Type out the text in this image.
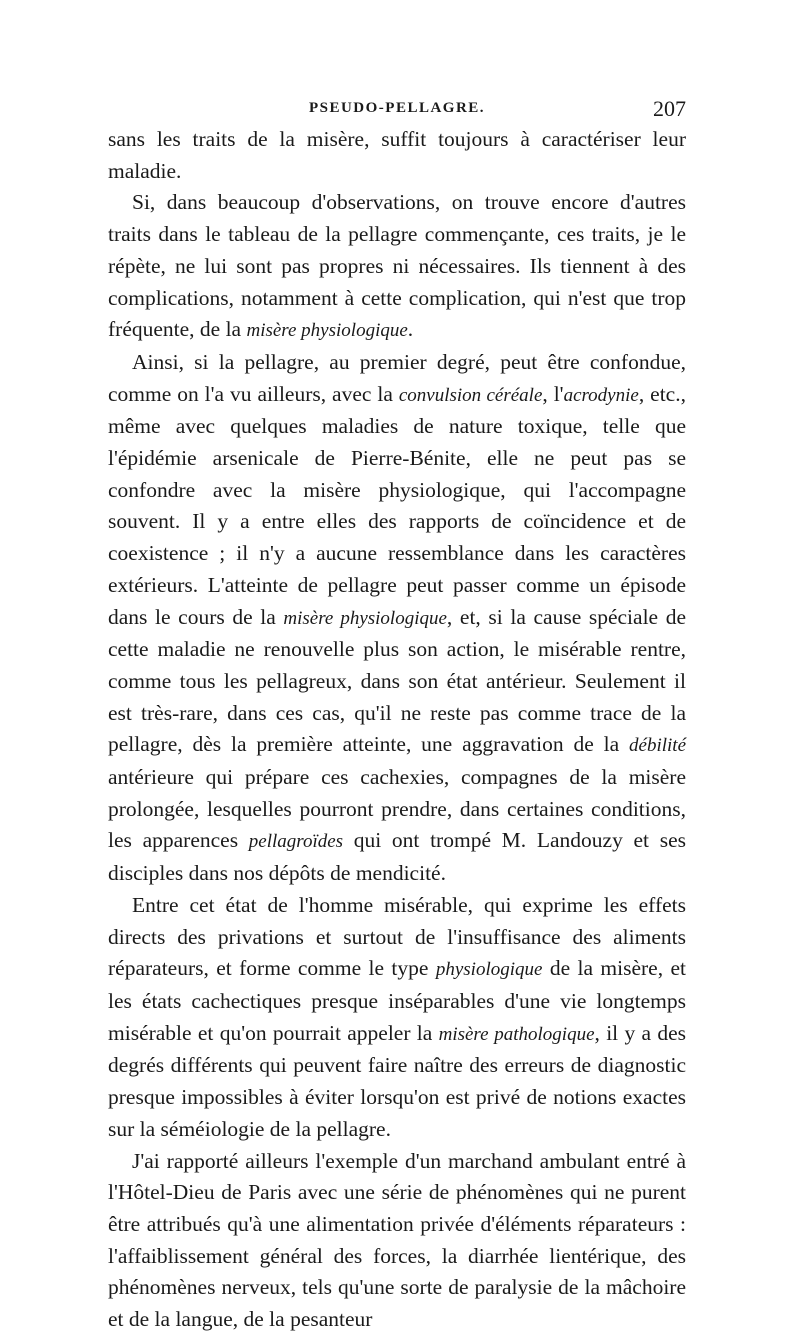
PSEUDO-PELLAGRE.	207

sans les traits de la misère, suffit toujours à caractériser leur maladie.

Si, dans beaucoup d'observations, on trouve encore d'autres traits dans le tableau de la pellagre commençante, ces traits, je le répète, ne lui sont pas propres ni nécessaires. Ils tiennent à des complications, notamment à cette complication, qui n'est que trop fréquente, de la misère physiologique.

Ainsi, si la pellagre, au premier degré, peut être confondue, comme on l'a vu ailleurs, avec la convulsion céréale, l'acrodynie, etc., même avec quelques maladies de nature toxique, telle que l'épidémie arsenicale de Pierre-Bénite, elle ne peut pas se confondre avec la misère physiologique, qui l'accompagne souvent. Il y a entre elles des rapports de coïncidence et de coexistence ; il n'y a aucune ressemblance dans les caractères extérieurs. L'atteinte de pellagre peut passer comme un épisode dans le cours de la misère physiologique, et, si la cause spéciale de cette maladie ne renouvelle plus son action, le misérable rentre, comme tous les pellagreux, dans son état antérieur. Seulement il est très-rare, dans ces cas, qu'il ne reste pas comme trace de la pellagre, dès la première atteinte, une aggravation de la débilité antérieure qui prépare ces cachexies, compagnes de la misère prolongée, lesquelles pourront prendre, dans certaines conditions, les apparences pellagroïdes qui ont trompé M. Landouzy et ses disciples dans nos dépôts de mendicité.

Entre cet état de l'homme misérable, qui exprime les effets directs des privations et surtout de l'insuffisance des aliments réparateurs, et forme comme le type physiologique de la misère, et les états cachectiques presque inséparables d'une vie longtemps misérable et qu'on pourrait appeler la misère pathologique, il y a des degrés différents qui peuvent faire naître des erreurs de diagnostic presque impossibles à éviter lorsqu'on est privé de notions exactes sur la séméiologie de la pellagre.

J'ai rapporté ailleurs l'exemple d'un marchand ambulant entré à l'Hôtel-Dieu de Paris avec une série de phénomènes qui ne purent être attribués qu'à une alimentation privée d'éléments réparateurs : l'affaiblissement général des forces, la diarrhée lientérique, des phénomènes nerveux, tels qu'une sorte de paralysie de la mâchoire et de la langue, de la pesanteur
